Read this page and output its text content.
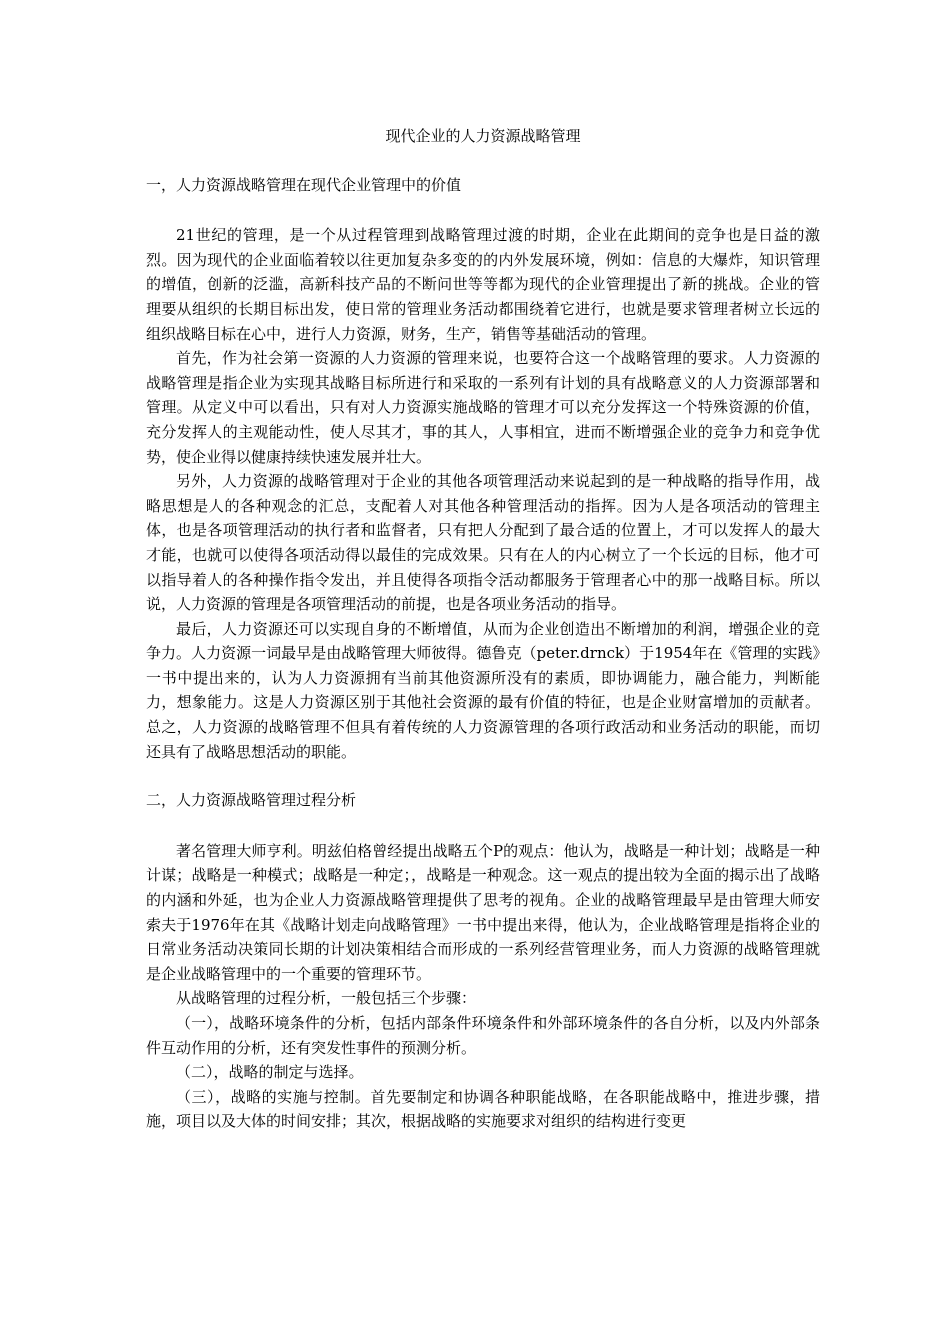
现代企业的人力资源战略管理
一，人力资源战略管理在现代企业管理中的价值

21世纪的管理，是一个从过程管理到战略管理过渡的时期，企业在此期间的竞争也是日益的激烈。因为现代的企业面临着较以往更加复杂多变的的内外发展环境，例如：信息的大爆炸，知识管理的增值，创新的泛滥，高新科技产品的不断问世等等都为现代的企业管理提出了新的挑战。企业的管理要从组织的长期目标出发，使日常的管理业务活动都围绕着它进行，也就是要求管理者树立长远的组织战略目标在心中，进行人力资源，财务，生产，销售等基础活动的管理。

首先，作为社会第一资源的人力资源的管理来说，也要符合这一个战略管理的要求。人力资源的战略管理是指企业为实现其战略目标所进行和采取的一系列有计划的具有战略意义的人力资源部署和管理。从定义中可以看出，只有对人力资源实施战略的管理才可以充分发挥这一个特殊资源的价值，充分发挥人的主观能动性，使人尽其才，事的其人，人事相宜，进而不断增强企业的竞争力和竞争优势，使企业得以健康持续快速发展并壮大。

另外，人力资源的战略管理对于企业的其他各项管理活动来说起到的是一种战略的指导作用，战略思想是人的各种观念的汇总，支配着人对其他各种管理活动的指挥。因为人是各项活动的管理主体，也是各项管理活动的执行者和监督者，只有把人分配到了最合适的位置上，才可以发挥人的最大才能，也就可以使得各项活动得以最佳的完成效果。只有在人的内心树立了一个长远的目标，他才可以指导着人的各种操作指令发出，并且使得各项指令活动都服务于管理者心中的那一战略目标。所以说，人力资源的管理是各项管理活动的前提，也是各项业务活动的指导。

最后，人力资源还可以实现自身的不断增值，从而为企业创造出不断增加的利润，增强企业的竞争力。人力资源一词最早是由战略管理大师彼得。德鲁克（peter.drnck）于1954年在《管理的实践》一书中提出来的，认为人力资源拥有当前其他资源所没有的素质，即协调能力，融合能力，判断能力，想象能力。这是人力资源区别于其他社会资源的最有价值的特征，也是企业财富增加的贡献者。总之，人力资源的战略管理不但具有着传统的人力资源管理的各项行政活动和业务活动的职能，而切还具有了战略思想活动的职能。

二，人力资源战略管理过程分析

著名管理大师亨利。明兹伯格曾经提出战略五个P的观点：他认为，战略是一种计划；战略是一种计谋；战略是一种模式；战略是一种定；，战略是一种观念。这一观点的提出较为全面的揭示出了战略的内涵和外延，也为企业人力资源战略管理提供了思考的视角。企业的战略管理最早是由管理大师安索夫于1976年在其《战略计划走向战略管理》一书中提出来得，他认为，企业战略管理是指将企业的日常业务活动决策同长期的计划决策相结合而形成的一系列经营管理业务，而人力资源的战略管理就是企业战略管理中的一个重要的管理环节。

从战略管理的过程分析，一般包括三个步骤：

（一），战略环境条件的分析，包括内部条件环境条件和外部环境条件的各自分析，以及内外部条件互动作用的分析，还有突发性事件的预测分析。

（二），战略的制定与选择。

（三），战略的实施与控制。首先要制定和协调各种职能战略，在各职能战略中，推进步骤，措施，项目以及大体的时间安排；其次，根据战略的实施要求对组织的结构进行变更
